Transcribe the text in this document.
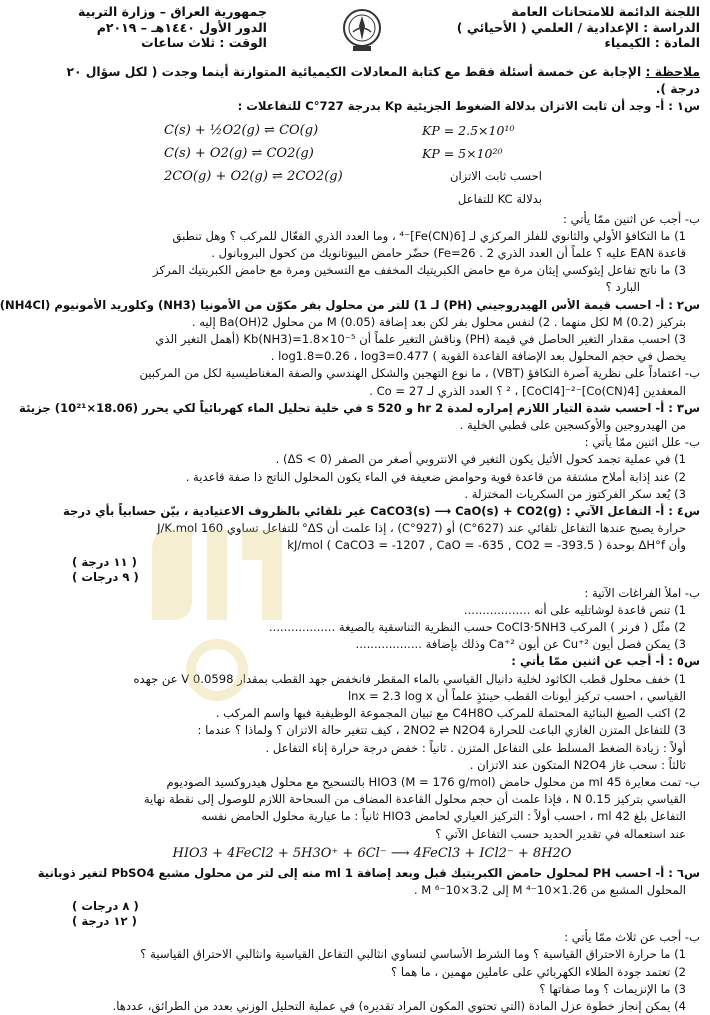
اللجنة الدائمة للامتحانات العامة
الدراسة : الإعدادية / العلمي ( الأحيائي )
المادة : الكيمياء
جمهورية العراق – وزارة التربية
الدور الأول ١٤٤٠هـ – ٢٠١٩م
الوقت : ثلاث ساعات

ملاحظة : الإجابة عن خمسة أسئلة فقط مع كتابة المعادلات الكيميائية المتوازنة أينما وجدت ( لكل سؤال ٢٠ درجة ).

س١ : أ- وجد أن ثابت الاتزان بدلالة الضغوط الجزيئية Kp بدرجة 727°C للتفاعلات :

C(s) + ½O2(g) ⇌ CO(g)	KP = 2.5×10¹⁰
C(s) + O2(g) ⇌ CO2(g)	KP = 5×10²⁰
2CO(g) + O2(g) ⇌ 2CO2(g)	احسب ثابت الاتزان بدلالة KC للتفاعل

ب- أجب عن اثنين ممّا يأتي :

1) ما التكافؤ الأولي والثانوي للفلز المركزي لـ [Fe(CN)6]⁻⁴ ، وما العدد الذري الفعّال للمركب ؟ وهل تنطبق

قاعدة EAN عليه ؟ علماً أن العدد الذري Fe=26 . 2) حضّر حامض البيوتانويك من كحول البروبانول .

3) ما ناتج تفاعل إيثوكسي إيثان مرة مع حامض الكبريتيك المخفف مع التسخين ومرة مع حامض الكبريتيك المركز

البارد ؟

س٢ : أ- احسب قيمة الأس الهيدروجيني (PH) لـ 1) للتر من محلول بفر مكوّن من الأمونيا (NH3) وكلوريد الأمونيوم (NH4Cl)

بتركيز M (0.2) لكل منهما . 2) لنفس محلول بفر لكن بعد إضافة M (0.05) من محلول Ba(OH)2 إليه .

3) احسب مقدار التغير الحاصل في قيمة (PH) وناقش التغير علماً أن Kb(NH3)=1.8×10⁻⁵ (أهمل التغير الذي

يحصل في حجم المحلول بعد الإضافة القاعدة القوية ) log1.8=0.26 ، log3=0.477 .

ب- اعتماداً على نظرية آصرة التكافؤ (VBT) ، ما نوع التهجين والشكل الهندسي والصفة المغناطيسية لكل من المركبين

المعقدين [Co(CN)4]⁻² ، [CoCl4]⁻² ؟ العدد الذري لـ Co = 27 .

س٣ : أ- احسب شدة التيار اللازم إمراره لمدة 2 hr و 520 s في خلية تحليل الماء كهربائياً لكي يحرر (18.06×10²¹) جزيئة

من الهيدروجين والأوكسجين على قطبي الخلية .

ب- علل اثنين ممّا يأتي :

1) في عملية تجمد كحول الأثيل يكون التغير في الانتروبي أصغر من الصفر (ΔS < 0) .

2) عند إذابة أملاح مشتقة من قاعدة قوية وحوامض ضعيفة في الماء يكون المحلول الناتج ذا صفة قاعدية .

3) يُعد سكر الفركتوز من السكريات المختزلة .

س٤ : أ- التفاعل الآتي : CaCO3(s) ⟶ CaO(s) + CO2(g) غير تلقائي بالظروف الاعتيادية ، بيّن حسابياً بأي درجة

حرارة يصبح عندها التفاعل تلقائي عند (627°C) أو (927°C) ، إذا علمت أن ΔS° للتفاعل تساوي 160 J/K.mol

وأن ΔH°f بوحدة kJ/mol ( CaCO3 = -1207 , CaO = -635 , CO2 = -393.5 )

( ١١ درجة )
( ٩ درجات )

ب- املأ الفراغات الآتية :

1) تنص قاعدة لوشاتليه على أنه ..................

2) مثّل ( فرنر ) المركب CoCl3·5NH3 حسب النظرية التناسقية بالصيغة ..................

3) يمكن فصل أيون Cu⁺² عن أيون Ca⁺² وذلك بإضافة ..................

س٥ : أ- أجب عن اثنين ممّا يأتي :

1) خفف محلول قطب الكاثود لخلية دانيال القياسي بالماء المقطر فانخفض جهد القطب بمقدار 0.0598 V عن جهده

القياسي ، احسب تركيز أيونات القطب حينئذٍ علماً أن lnx = 2.3 log x

2) اكتب الصيغ البنائية المحتملة للمركب C4H8O مع تبيان المجموعة الوظيفية فيها واسم المركب .

3) للتفاعل المتزن الغازي الباعث للحرارة 2NO2 ⇌ N2O4 ، كيف تتغير حالة الاتزان ؟ ولماذا ؟ عندما :

أولاً : زيادة الضغط المسلط على التفاعل المتزن . ثانياً : خفض درجة حرارة إناء التفاعل .

ثالثاً : سحب غاز N2O4 المتكون عند الاتزان .

ب- تمت معايرة 45 ml من محلول حامض HIO3 (M = 176 g/mol) بالتسحيح مع محلول هيدروكسيد الصوديوم

القياسي بتركيز 0.15 N ، فإذا علمت أن حجم محلول القاعدة المضاف من السحاحة اللازم للوصول إلى نقطة نهاية

التفاعل بلغ 42 ml ، احسب أولاً : التركيز العياري لحامض HIO3 ثانياً : ما عيارية محلول الحامض نفسه

عند استعماله في تقدير الحديد حسب التفاعل الآتي ؟

HIO3 + 4FeCl2 + 5H3O⁺ + 6Cl⁻ ⟶ 4FeCl3 + ICl2⁻ + 8H2O

س٦ : أ- احسب PH لمحلول حامض الكبريتيك قبل وبعد إضافة 1 ml منه إلى لتر من محلول مشبع PbSO4 لتغير ذوبانية

المحلول المشبع من 1.26×10⁻⁴ M إلى 3.2×10⁻⁶ M .

( ٨ درجات )
( ١٢ درجة )

ب- أجب عن ثلاث ممّا يأتي :

1) ما حرارة الاحتراق القياسية ؟ وما الشرط الأساسي لتساوي انثالبي التفاعل القياسية وانثالبي الاحتراق القياسية ؟

2) تعتمد جودة الطلاء الكهربائي على عاملين مهمين ، ما هما ؟

3) ما الإنزيمات ؟ وما صفاتها ؟

4) يمكن إنجاز خطوة عزل المادة (التي تحتوي المكون المراد تقديره) في عملية التحليل الوزني بعدد من الطرائق، عددها.
